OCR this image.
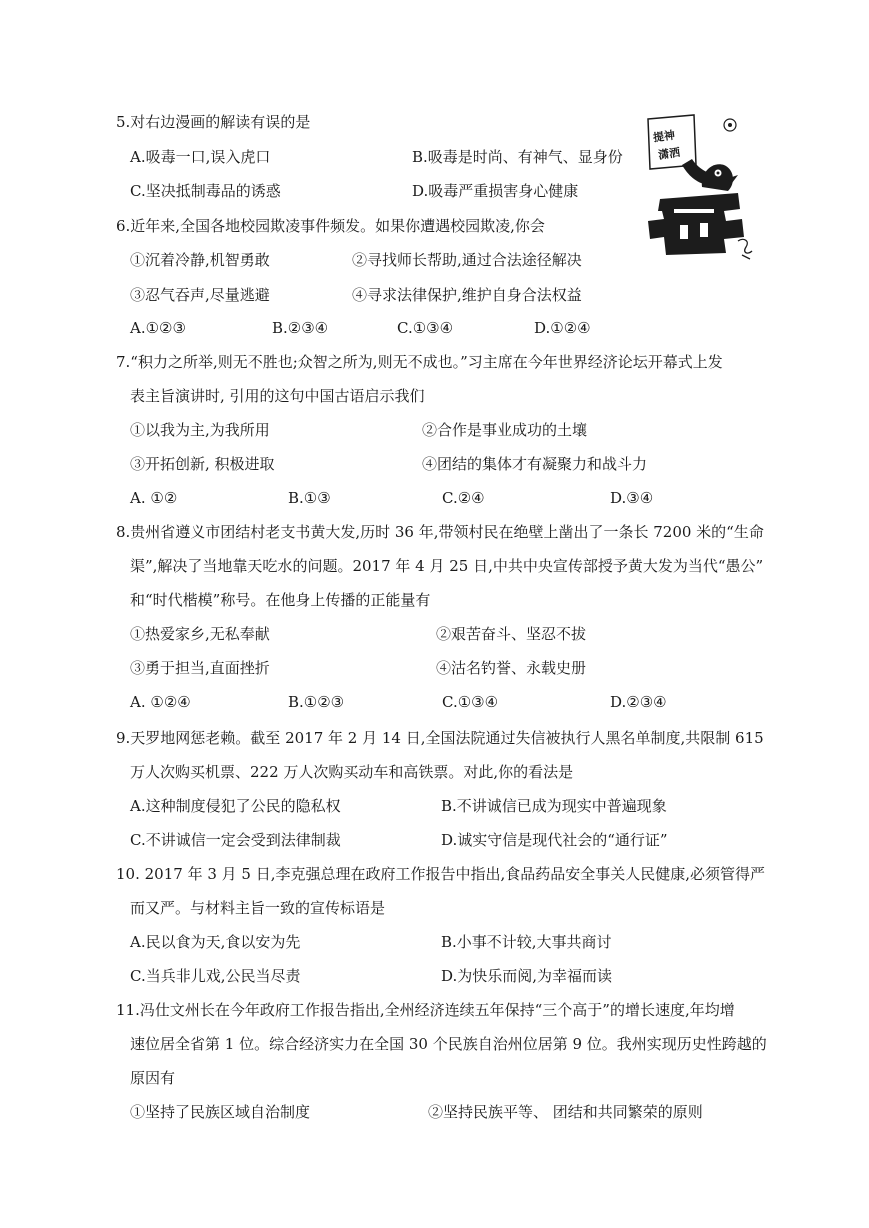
5.对右边漫画的解读有误的是
A.吸毒一口,误入虎口	B.吸毒是时尚、有神气、显身份
C.坚决抵制毒品的诱惑	D.吸毒严重损害身心健康
提神
潇洒
6.近年来,全国各地校园欺凌事件频发。如果你遭遇校园欺凌,你会
①沉着冷静,机智勇敢	②寻找师长帮助,通过合法途径解决
③忍气吞声,尽量逃避	④寻求法律保护,维护自身合法权益
A.①②③	B.②③④	C.①③④	D.①②④
7.“积力之所举,则无不胜也;众智之所为,则无不成也。”习主席在今年世界经济论坛开幕式上发
表主旨演讲时, 引用的这句中国古语启示我们
①以我为主,为我所用	②合作是事业成功的土壤
③开拓创新, 积极进取	④团结的集体才有凝聚力和战斗力
A. ①②	B.①③	C.②④	D.③④
8.贵州省遵义市团结村老支书黄大发,历时 36 年,带领村民在绝壁上凿出了一条长 7200 米的“生命
渠”,解决了当地靠天吃水的问题。2017 年 4 月 25 日,中共中央宣传部授予黄大发为当代“愚公”
和“时代楷模”称号。在他身上传播的正能量有
①热爱家乡,无私奉献	②艰苦奋斗、坚忍不拔
③勇于担当,直面挫折	④沽名钓誉、永载史册
A. ①②④	B.①②③	C.①③④	D.②③④
9.天罗地网惩老赖。截至 2017 年 2 月 14 日,全国法院通过失信被执行人黑名单制度,共限制 615
万人次购买机票、222 万人次购买动车和高铁票。对此,你的看法是
A.这种制度侵犯了公民的隐私权	B.不讲诚信已成为现实中普遍现象
C.不讲诚信一定会受到法律制裁	D.诚实守信是现代社会的“通行证”
10. 2017 年 3 月 5 日,李克强总理在政府工作报告中指出,食品药品安全事关人民健康,必须管得严
而又严。与材料主旨一致的宣传标语是
A.民以食为天,食以安为先	B.小事不计较,大事共商讨
C.当兵非儿戏,公民当尽责	D.为快乐而阅,为幸福而读
11.冯仕文州长在今年政府工作报告指出,全州经济连续五年保持“三个高于”的增长速度,年均增
速位居全省第 1 位。综合经济实力在全国 30 个民族自治州位居第 9 位。我州实现历史性跨越的
原因有
①坚持了民族区域自治制度	②坚持民族平等、 团结和共同繁荣的原则
